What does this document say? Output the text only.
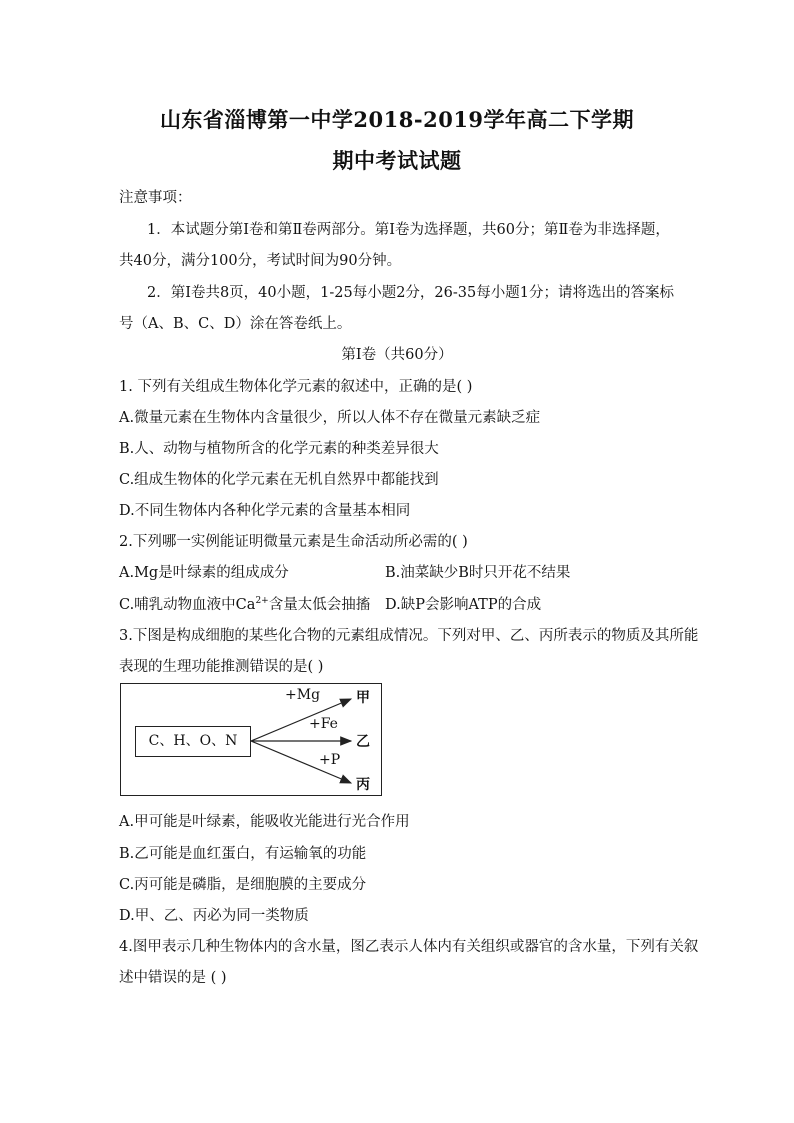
山东省淄博第一中学2018-2019学年高二下学期
期中考试试题
注意事项：
1．本试题分第Ⅰ卷和第Ⅱ卷两部分。第Ⅰ卷为选择题，共60分；第Ⅱ卷为非选择题，
共40分，满分100分，考试时间为90分钟。
2．第Ⅰ卷共8页，40小题，1-25每小题2分，26-35每小题1分；请将选出的答案标
号（A、B、C、D）涂在答卷纸上。
第Ⅰ卷（共60分）
1. 下列有关组成生物体化学元素的叙述中，正确的是( )
A.微量元素在生物体内含量很少，所以人体不存在微量元素缺乏症
B.人、动物与植物所含的化学元素的种类差异很大
C.组成生物体的化学元素在无机自然界中都能找到
D.不同生物体内各种化学元素的含量基本相同
2.下列哪一实例能证明微量元素是生命活动所必需的( )
A.Mg是叶绿素的组成成分	B.油菜缺少B时只开花不结果
C.哺乳动物血液中$Ca^{2+}$含量太低会抽搐 D.缺P会影响ATP的合成
3.下图是构成细胞的某些化合物的元素组成情况。下列对甲、乙、丙所表示的物质及其所能
表现的生理功能推测错误的是( )
C、H、O、N
+Mg
+Fe
+P
甲
乙
丙
A.甲可能是叶绿素，能吸收光能进行光合作用
B.乙可能是血红蛋白，有运输氧的功能
C.丙可能是磷脂，是细胞膜的主要成分
D.甲、乙、丙必为同一类物质
4.图甲表示几种生物体内的含水量，图乙表示人体内有关组织或器官的含水量，下列有关叙
述中错误的是 ( )
